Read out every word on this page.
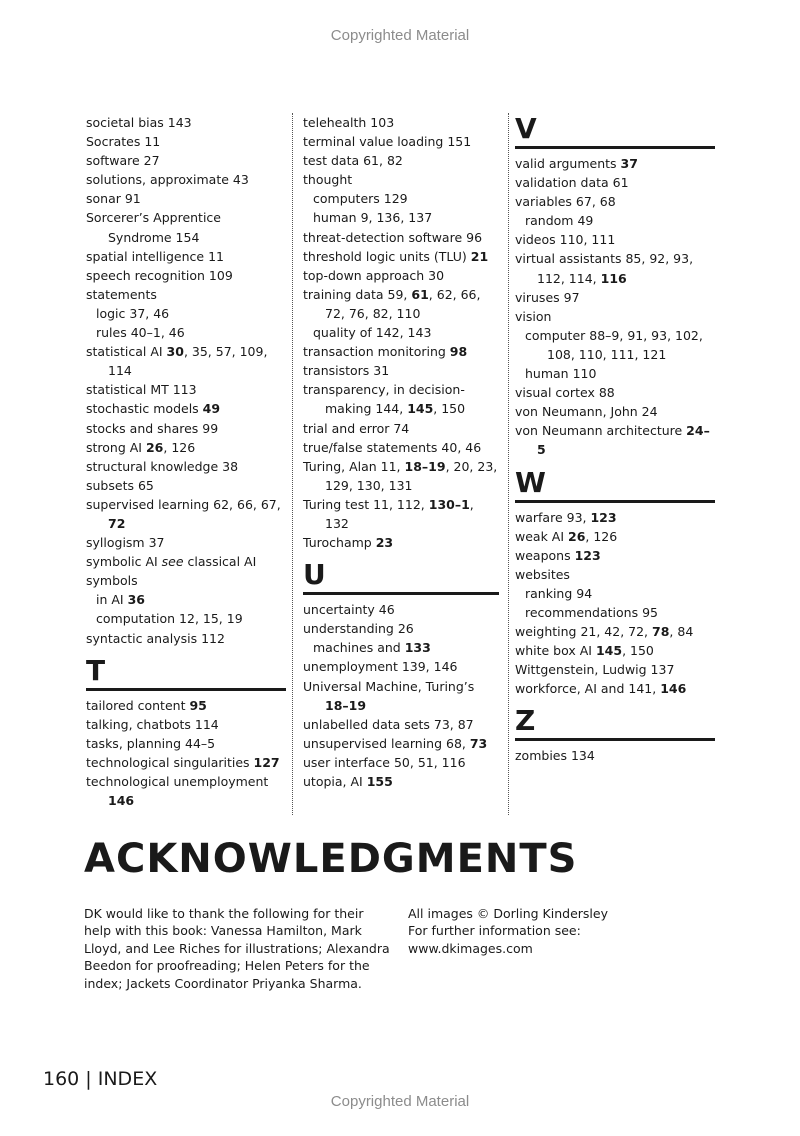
Copyrighted Material
societal bias 143
Socrates 11
software 27
solutions, approximate 43
sonar 91
Sorcerer’s Apprentice Syndrome 154
spatial intelligence 11
speech recognition 109
statements
logic 37, 46
rules 40–1, 46
statistical AI 30, 35, 57, 109, 114
statistical MT 113
stochastic models 49
stocks and shares 99
strong AI 26, 126
structural knowledge 38
subsets 65
supervised learning 62, 66, 67, 72
syllogism 37
symbolic AI see classical AI
symbols
in AI 36
computation 12, 15, 19
syntactic analysis 112
T
tailored content 95
talking, chatbots 114
tasks, planning 44–5
technological singularities 127
technological unemployment 146
telehealth 103
terminal value loading 151
test data 61, 82
thought
computers 129
human 9, 136, 137
threat-detection software 96
threshold logic units (TLU) 21
top-down approach 30
training data 59, 61, 62, 66, 72, 76, 82, 110
quality of 142, 143
transaction monitoring 98
transistors 31
transparency, in decision-making 144, 145, 150
trial and error 74
true/false statements 40, 46
Turing, Alan 11, 18–19, 20, 23, 129, 130, 131
Turing test 11, 112, 130–1, 132
Turochamp 23
U
uncertainty 46
understanding 26
machines and 133
unemployment 139, 146
Universal Machine, Turing’s 18–19
unlabelled data sets 73, 87
unsupervised learning 68, 73
user interface 50, 51, 116
utopia, AI 155
V
valid arguments 37
validation data 61
variables 67, 68
random 49
videos 110, 111
virtual assistants 85, 92, 93, 112, 114, 116
viruses 97
vision
computer 88–9, 91, 93, 102, 108, 110, 111, 121
human 110
visual cortex 88
von Neumann, John 24
von Neumann architecture 24–5
W
warfare 93, 123
weak AI 26, 126
weapons 123
websites
ranking 94
recommendations 95
weighting 21, 42, 72, 78, 84
white box AI 145, 150
Wittgenstein, Ludwig 137
workforce, AI and 141, 146
Z
zombies 134
ACKNOWLEDGMENTS
DK would like to thank the following for their help with this book: Vanessa Hamilton, Mark Lloyd, and Lee Riches for illustrations; Alexandra Beedon for proofreading; Helen Peters for the index; Jackets Coordinator Priyanka Sharma.
All images © Dorling Kindersley
For further information see:
www.dkimages.com
160 | INDEX
Copyrighted Material
